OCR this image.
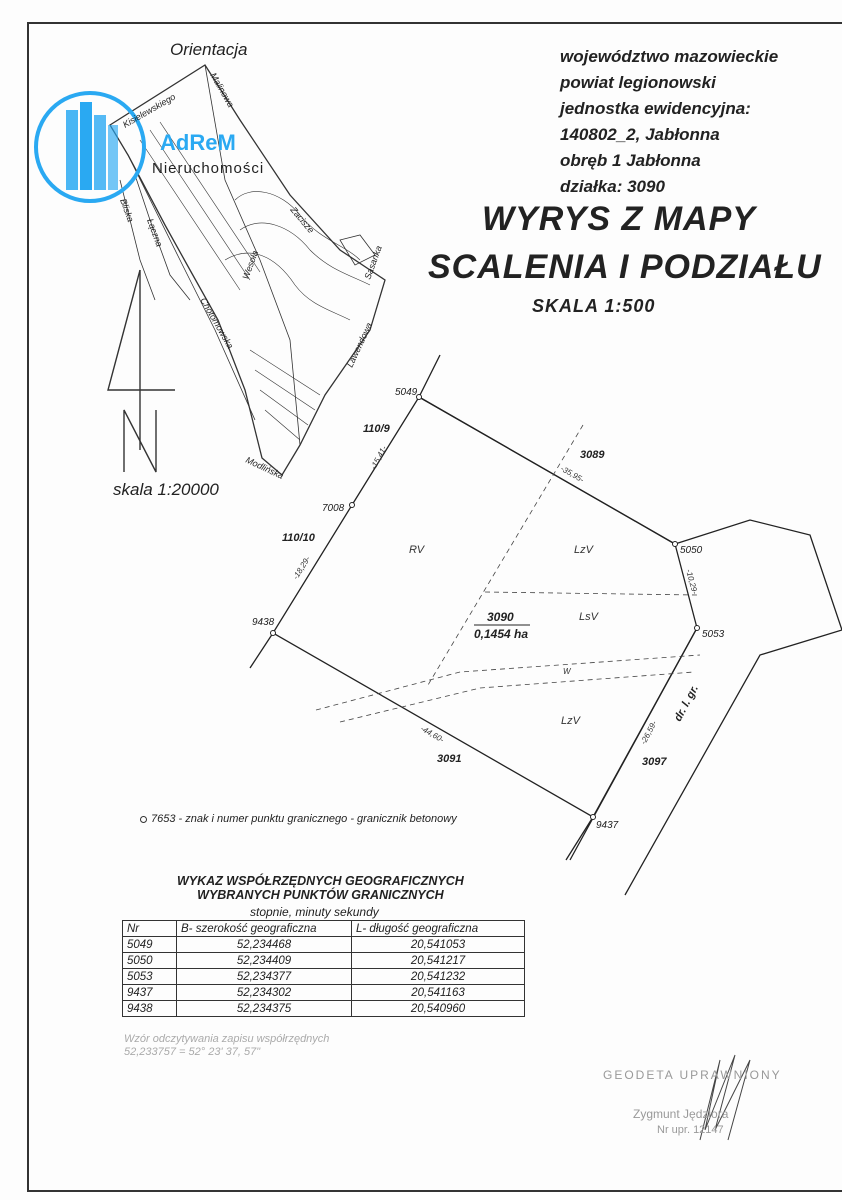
Kisielewskiego
Bliska
Łączna
Malinowa
Zacisze
Chotomowska
Wesoła	Sasanka
Lawendowa
Modlińska
5049
7008
9438
5050
5053
9437
110/9
110/10
3089
3091	3097
RV	LzV
LsV
LzV
W
3090
0,1454 ha
-15,41-
-18,29-
-35,95-
-10,29-
-44,60-	-26,59-
dr. l. gr.
Orientacja
AdReM
Nieruchomości
województwo mazowieckie
powiat legionowski
jednostka ewidencyjna:
140802_2, Jabłonna
obręb 1 Jabłonna
działka: 3090
WYRYS Z MAPY
SCALENIA I PODZIAŁU
SKALA 1:500
skala 1:20000
7653 - znak i numer punktu granicznego - granicznik betonowy
WYKAZ WSPÓŁRZĘDNYCH GEOGRAFICZNYCH
WYBRANYCH PUNKTÓW GRANICZNYCH
stopnie, minuty sekundy
Nr	B- szerokość geograficzna	L- długość geograficzna
5049	52,234468	20,541053
5050	52,234409	20,541217
5053	52,234377	20,541232
9437	52,234302	20,541163
9438	52,234375	20,540960
Wzór odczytywania zapisu współrzędnych
52,233757 = 52° 23' 37, 57"
GEODETA UPRAWNIONY
Zygmunt Jędziora
Nr upr. 12147
